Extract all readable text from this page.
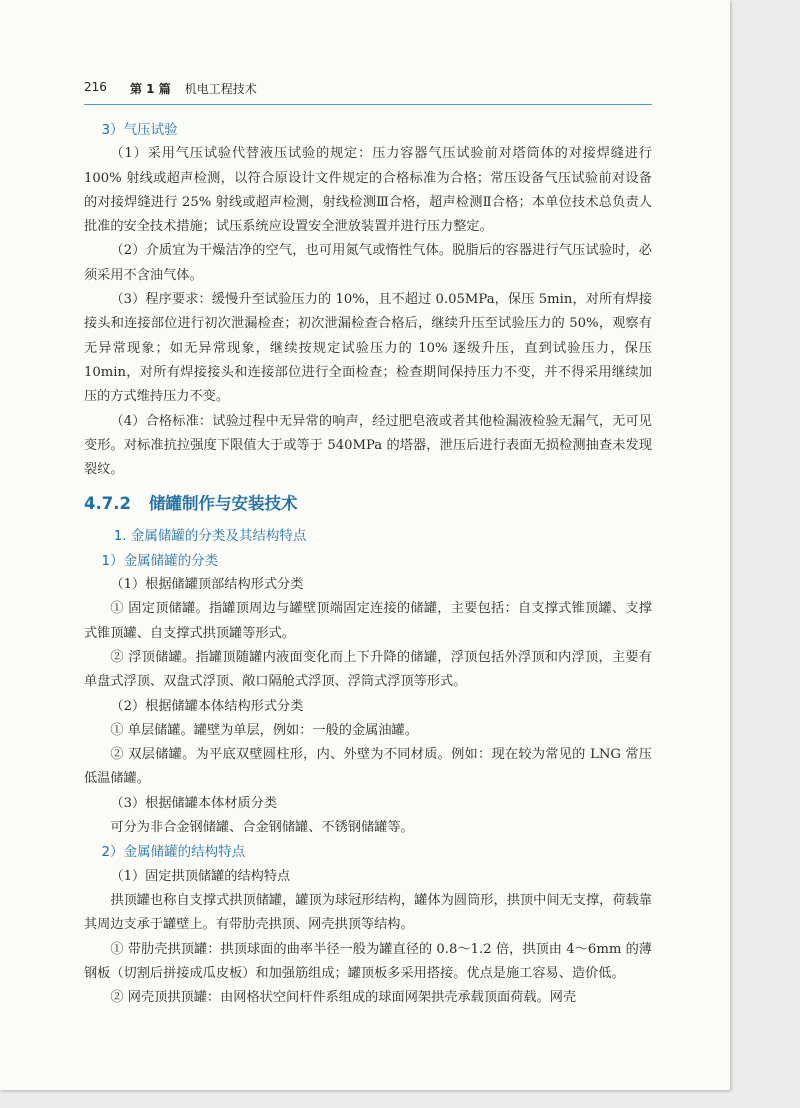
216 第 1 篇 机电工程技术

3）气压试验

（1）采用气压试验代替液压试验的规定：压力容器气压试验前对塔筒体的对接焊缝进行 100% 射线或超声检测，以符合原设计文件规定的合格标准为合格；常压设备气压试验前对设备的对接焊缝进行 25% 射线或超声检测，射线检测Ⅲ合格，超声检测Ⅱ合格；本单位技术总负责人批准的安全技术措施；试压系统应设置安全泄放装置并进行压力整定。

（2）介质宜为干燥洁净的空气，也可用氮气或惰性气体。脱脂后的容器进行气压试验时，必须采用不含油气体。

（3）程序要求：缓慢升至试验压力的 10%，且不超过 0.05MPa，保压 5min，对所有焊接接头和连接部位进行初次泄漏检查；初次泄漏检查合格后，继续升压至试验压力的 50%，观察有无异常现象；如无异常现象，继续按规定试验压力的 10% 逐级升压，直到试验压力，保压 10min，对所有焊接接头和连接部位进行全面检查；检查期间保持压力不变，并不得采用继续加压的方式维持压力不变。

（4）合格标准：试验过程中无异常的响声，经过肥皂液或者其他检漏液检验无漏气，无可见变形。对标准抗拉强度下限值大于或等于 540MPa 的塔器，泄压后进行表面无损检测抽查未发现裂纹。

4.7.2 储罐制作与安装技术

1. 金属储罐的分类及其结构特点

1）金属储罐的分类

（1）根据储罐顶部结构形式分类

① 固定顶储罐。指罐顶周边与罐壁顶端固定连接的储罐，主要包括：自支撑式锥顶罐、支撑式锥顶罐、自支撑式拱顶罐等形式。

② 浮顶储罐。指罐顶随罐内液面变化而上下升降的储罐，浮顶包括外浮顶和内浮顶，主要有单盘式浮顶、双盘式浮顶、敞口隔舱式浮顶、浮筒式浮顶等形式。

（2）根据储罐本体结构形式分类

① 单层储罐。罐壁为单层，例如：一般的金属油罐。

② 双层储罐。为平底双壁圆柱形，内、外壁为不同材质。例如：现在较为常见的 LNG 常压低温储罐。

（3）根据储罐本体材质分类

可分为非合金钢储罐、合金钢储罐、不锈钢储罐等。

2）金属储罐的结构特点

（1）固定拱顶储罐的结构特点

拱顶罐也称自支撑式拱顶储罐，罐顶为球冠形结构，罐体为圆筒形，拱顶中间无支撑，荷载靠其周边支承于罐壁上。有带肋壳拱顶、网壳拱顶等结构。

① 带肋壳拱顶罐：拱顶球面的曲率半径一般为罐直径的 0.8～1.2 倍，拱顶由 4～6mm 的薄钢板（切割后拼接成瓜皮板）和加强筋组成；罐顶板多采用搭接。优点是施工容易、造价低。

② 网壳顶拱顶罐：由网格状空间杆件系组成的球面网架拱壳承载顶面荷载。网壳
